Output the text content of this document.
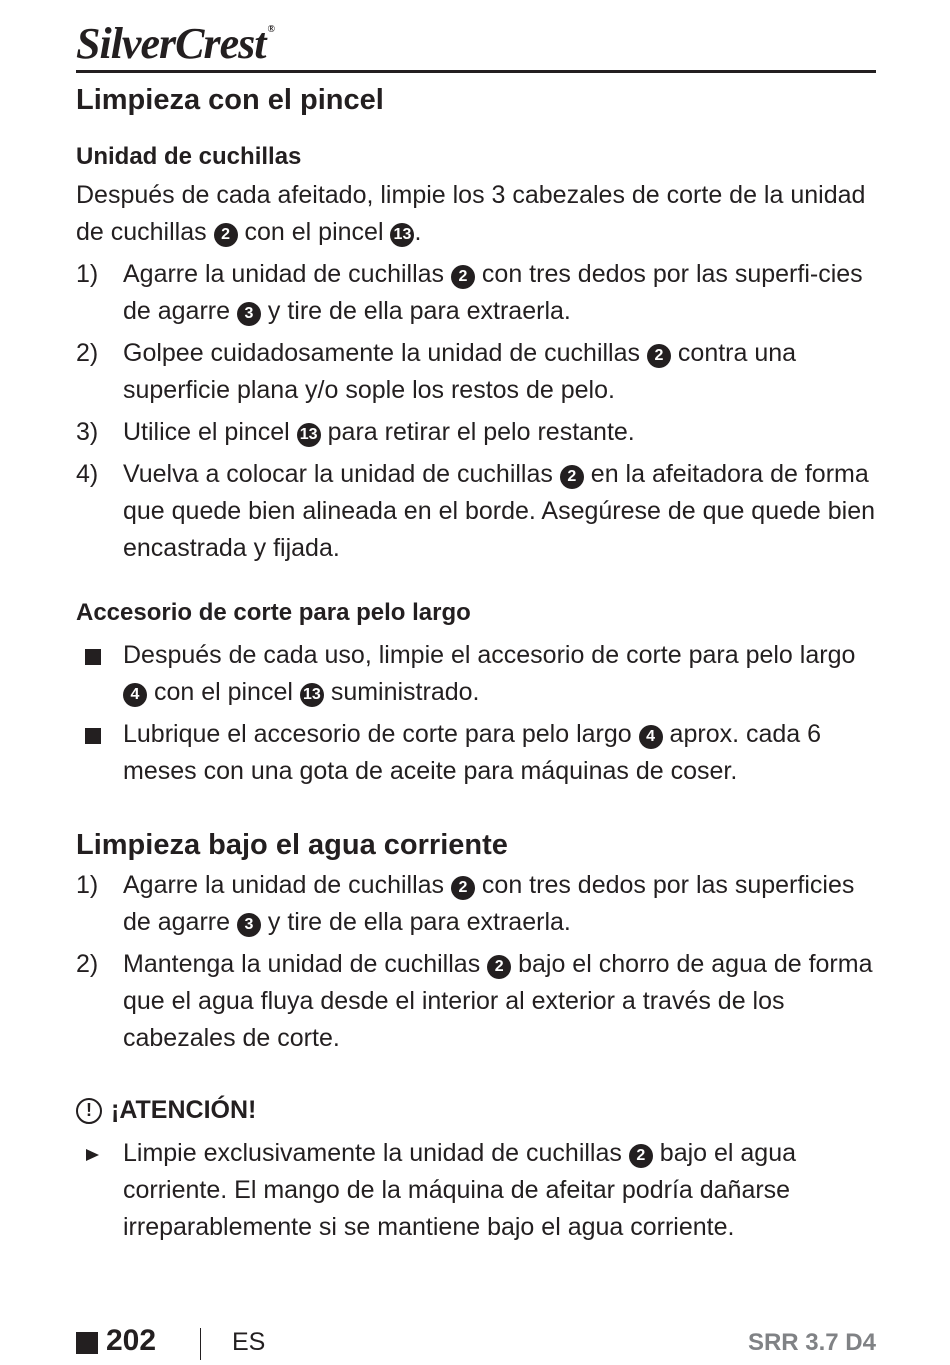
SilverCrest ®
Limpieza con el pincel
Unidad de cuchillas

Después de cada afeitado, limpie los 3 cabezales de corte de la unidad de cuchillas 2 con el pincel 13 .

1) Agarre la unidad de cuchillas 2 con tres dedos por las superfi-cies de agarre 3 y tire de ella para extraerla.
2) Golpee cuidadosamente la unidad de cuchillas 2 contra una superficie plana y/o sople los restos de pelo.
3) Utilice el pincel 13 para retirar el pelo restante.
4) Vuelva a colocar la unidad de cuchillas 2 en la afeitadora de forma que quede bien alineada en el borde. Asegúrese de que quede bien encastrada y fijada.
Accesorio de corte para pelo largo
Después de cada uso, limpie el accesorio de corte para pelo largo 4 con el pincel 13 suministrado.
Lubrique el accesorio de corte para pelo largo 4 aprox. cada 6 meses con una gota de aceite para máquinas de coser.
Limpieza bajo el agua corriente
1) Agarre la unidad de cuchillas 2 con tres dedos por las superficies de agarre 3 y tire de ella para extraerla.
2) Mantenga la unidad de cuchillas 2 bajo el chorro de agua de forma que el agua fluya desde el interior al exterior a través de los cabezales de corte.
! ¡ATENCIÓN!
Limpie exclusivamente la unidad de cuchillas 2 bajo el agua corriente. El mango de la máquina de afeitar podría dañarse irreparablemente si se mantiene bajo el agua corriente.
202	ES	SRR 3.7 D4
